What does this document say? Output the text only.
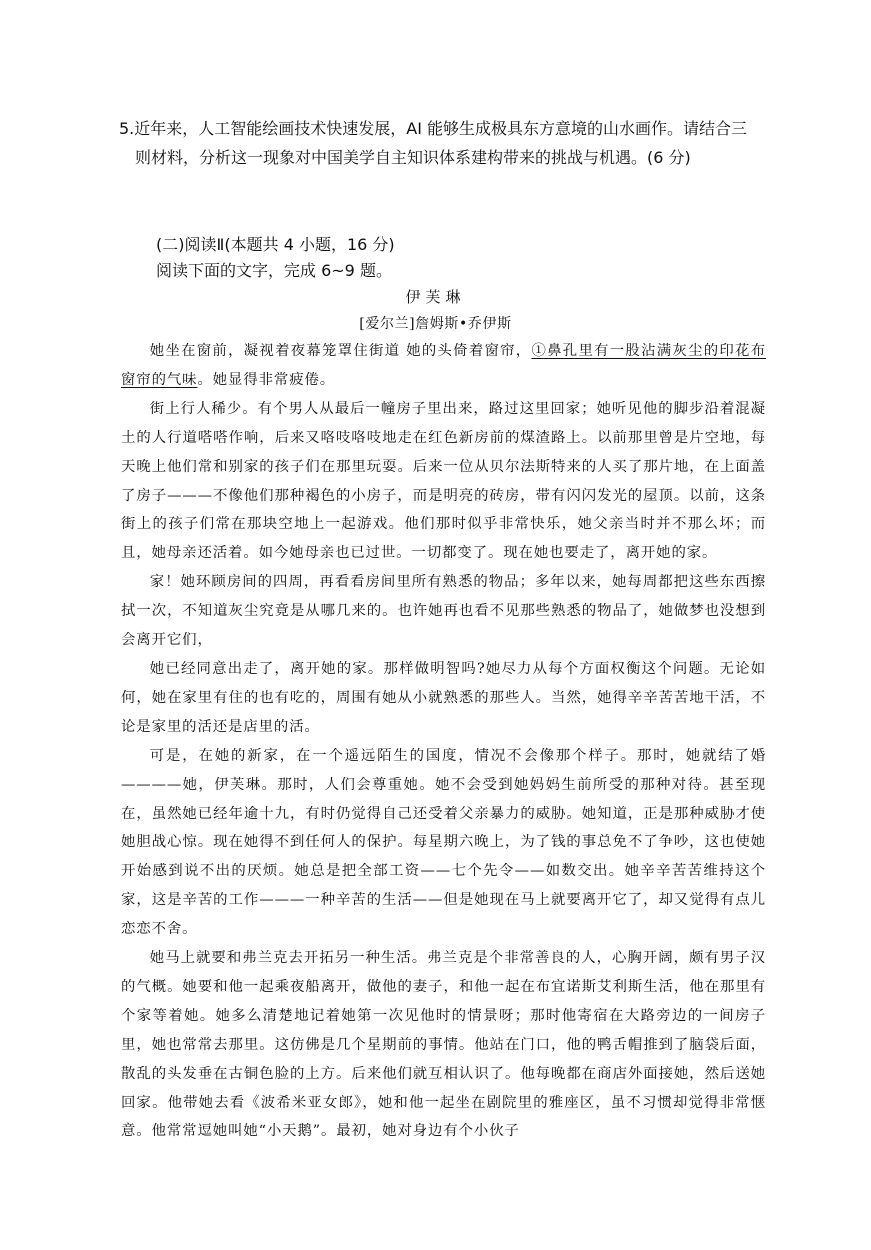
5.近年来，人工智能绘画技术快速发展，AI 能够生成极具东方意境的山水画作。请结合三
则材料，分析这一现象对中国美学自主知识体系建构带来的挑战与机遇。(6 分)
(二)阅读Ⅱ(本题共 4 小题，16 分)
阅读下面的文字，完成 6~9 题。
伊芙琳
[爱尔兰]詹姆斯•乔伊斯

她坐在窗前，凝视着夜幕笼罩住街道 她的头倚着窗帘，①鼻孔里有一股沾满灰尘的印花布窗帘的气味。她显得非常疲倦。

街上行人稀少。有个男人从最后一幢房子里出来，路过这里回家；她听见他的脚步沿着混凝土的人行道嗒嗒作响，后来又咯吱咯吱地走在红色新房前的煤渣路上。以前那里曾是片空地，每天晚上他们常和别家的孩子们在那里玩耍。后来一位从贝尔法斯特来的人买了那片地，在上面盖了房子———不像他们那种褐色的小房子，而是明亮的砖房，带有闪闪发光的屋顶。以前，这条街上的孩子们常在那块空地上一起游戏。他们那时似乎非常快乐，她父亲当时并不那么坏；而且，她母亲还活着。如今她母亲也已过世。一切都变了。现在她也要走了，离开她的家。

家！她环顾房间的四周，再看看房间里所有熟悉的物品；多年以来，她每周都把这些东西擦拭一次，不知道灰尘究竟是从哪几来的。也许她再也看不见那些熟悉的物品了，她做梦也没想到会离开它们，

她已经同意出走了，离开她的家。那样做明智吗?她尽力从每个方面权衡这个问题。无论如何，她在家里有住的也有吃的，周围有她从小就熟悉的那些人。当然，她得辛辛苦苦地干活，不论是家里的活还是店里的活。

可是，在她的新家，在一个遥远陌生的国度，情况不会像那个样子。那时，她就结了婚————她，伊芙琳。那时，人们会尊重她。她不会受到她妈妈生前所受的那种对待。甚至现在，虽然她已经年逾十九，有时仍觉得自己还受着父亲暴力的威胁。她知道，正是那种威胁才使她胆战心惊。现在她得不到任何人的保护。每星期六晚上，为了钱的事总免不了争吵，这也使她开始感到说不出的厌烦。她总是把全部工资——七个先令——如数交出。她辛辛苦苦维持这个家，这是辛苦的工作———一种辛苦的生活——但是她现在马上就要离开它了，却又觉得有点儿恋恋不舍。

她马上就要和弗兰克去开拓另一种生活。弗兰克是个非常善良的人，心胸开阔，颇有男子汉的气概。她要和他一起乘夜船离开，做他的妻子，和他一起在布宜诺斯艾利斯生活，他在那里有个家等着她。她多么清楚地记着她第一次见他时的情景呀；那时他寄宿在大路旁边的一间房子里，她也常常去那里。这仿佛是几个星期前的事情。他站在门口，他的鸭舌帽推到了脑袋后面，散乱的头发垂在古铜色脸的上方。后来他们就互相认识了。他每晚都在商店外面接她，然后送她回家。他带她去看《波希米亚女郎》，她和他一起坐在剧院里的雅座区，虽不习惯却觉得非常惬意。他常常逗她叫她“小天鹅”。最初，她对身边有个小伙子
